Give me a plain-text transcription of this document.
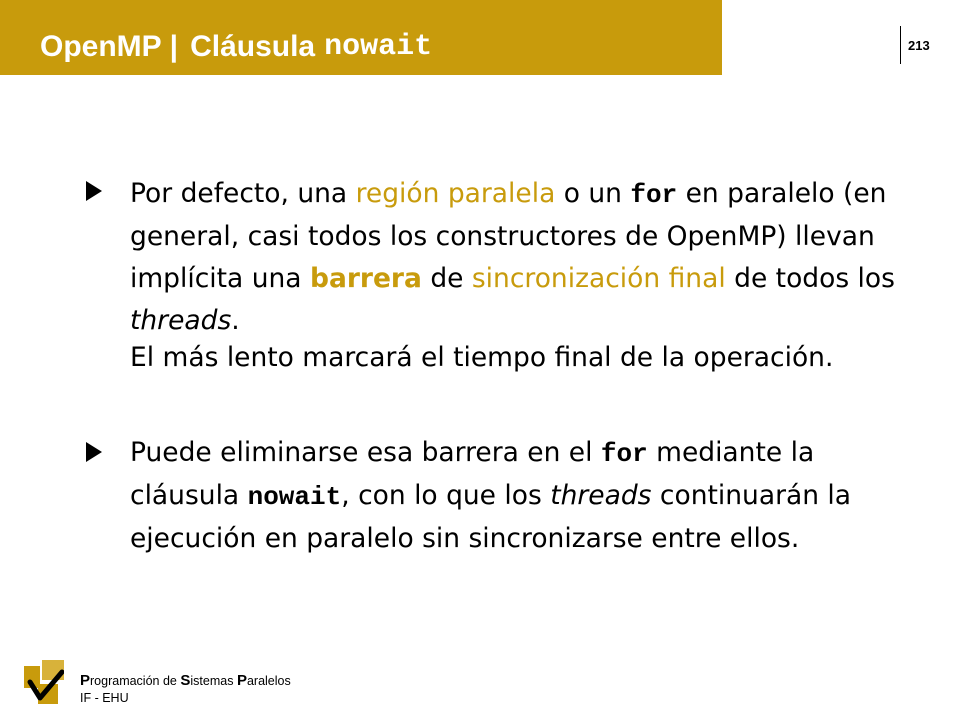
OpenMP | Cláusula nowait	213

Por defecto, una región paralela o un for en paralelo (en general, casi todos los constructores de OpenMP) llevan implícita una barrera de sincronización final de todos los threads.

El más lento marcará el tiempo final de la operación.

Puede eliminarse esa barrera en el for mediante la cláusula nowait, con lo que los threads continuarán la ejecución en paralelo sin sincronizarse entre ellos.

Programación de Sistemas Paralelos
IF - EHU
